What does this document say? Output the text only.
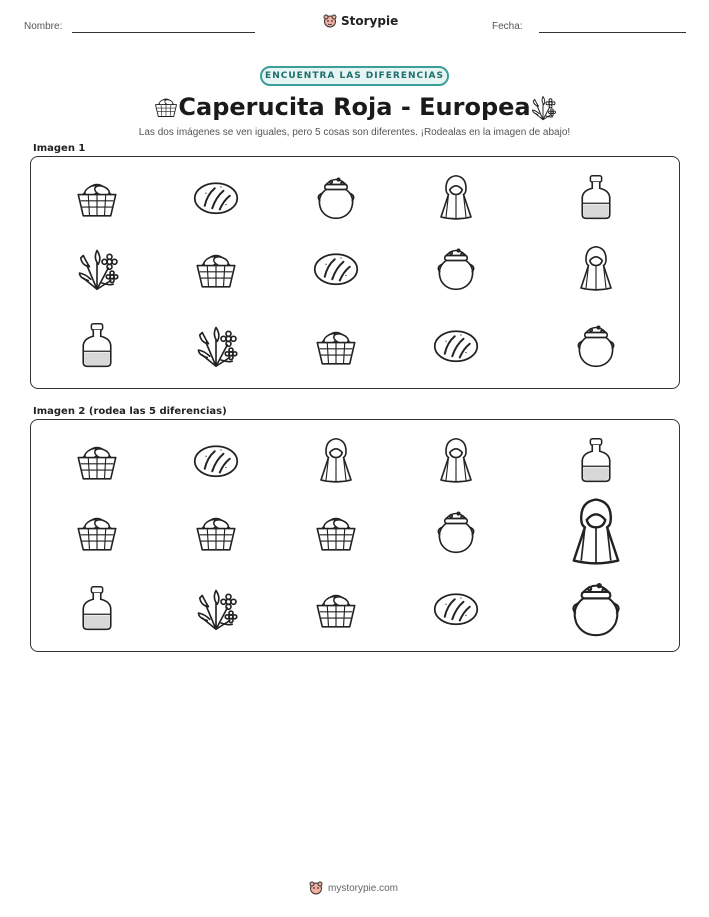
Nombre:	Storypie	Fecha:
ENCUENTRA LAS DIFERENCIAS
Caperucita Roja - Europea
Las dos imágenes se ven iguales, pero 5 cosas son diferentes. ¡Rodealas en la imagen de abajo!
Imagen 1
Imagen 2 (rodea las 5 diferencias)
mystorypie.com
